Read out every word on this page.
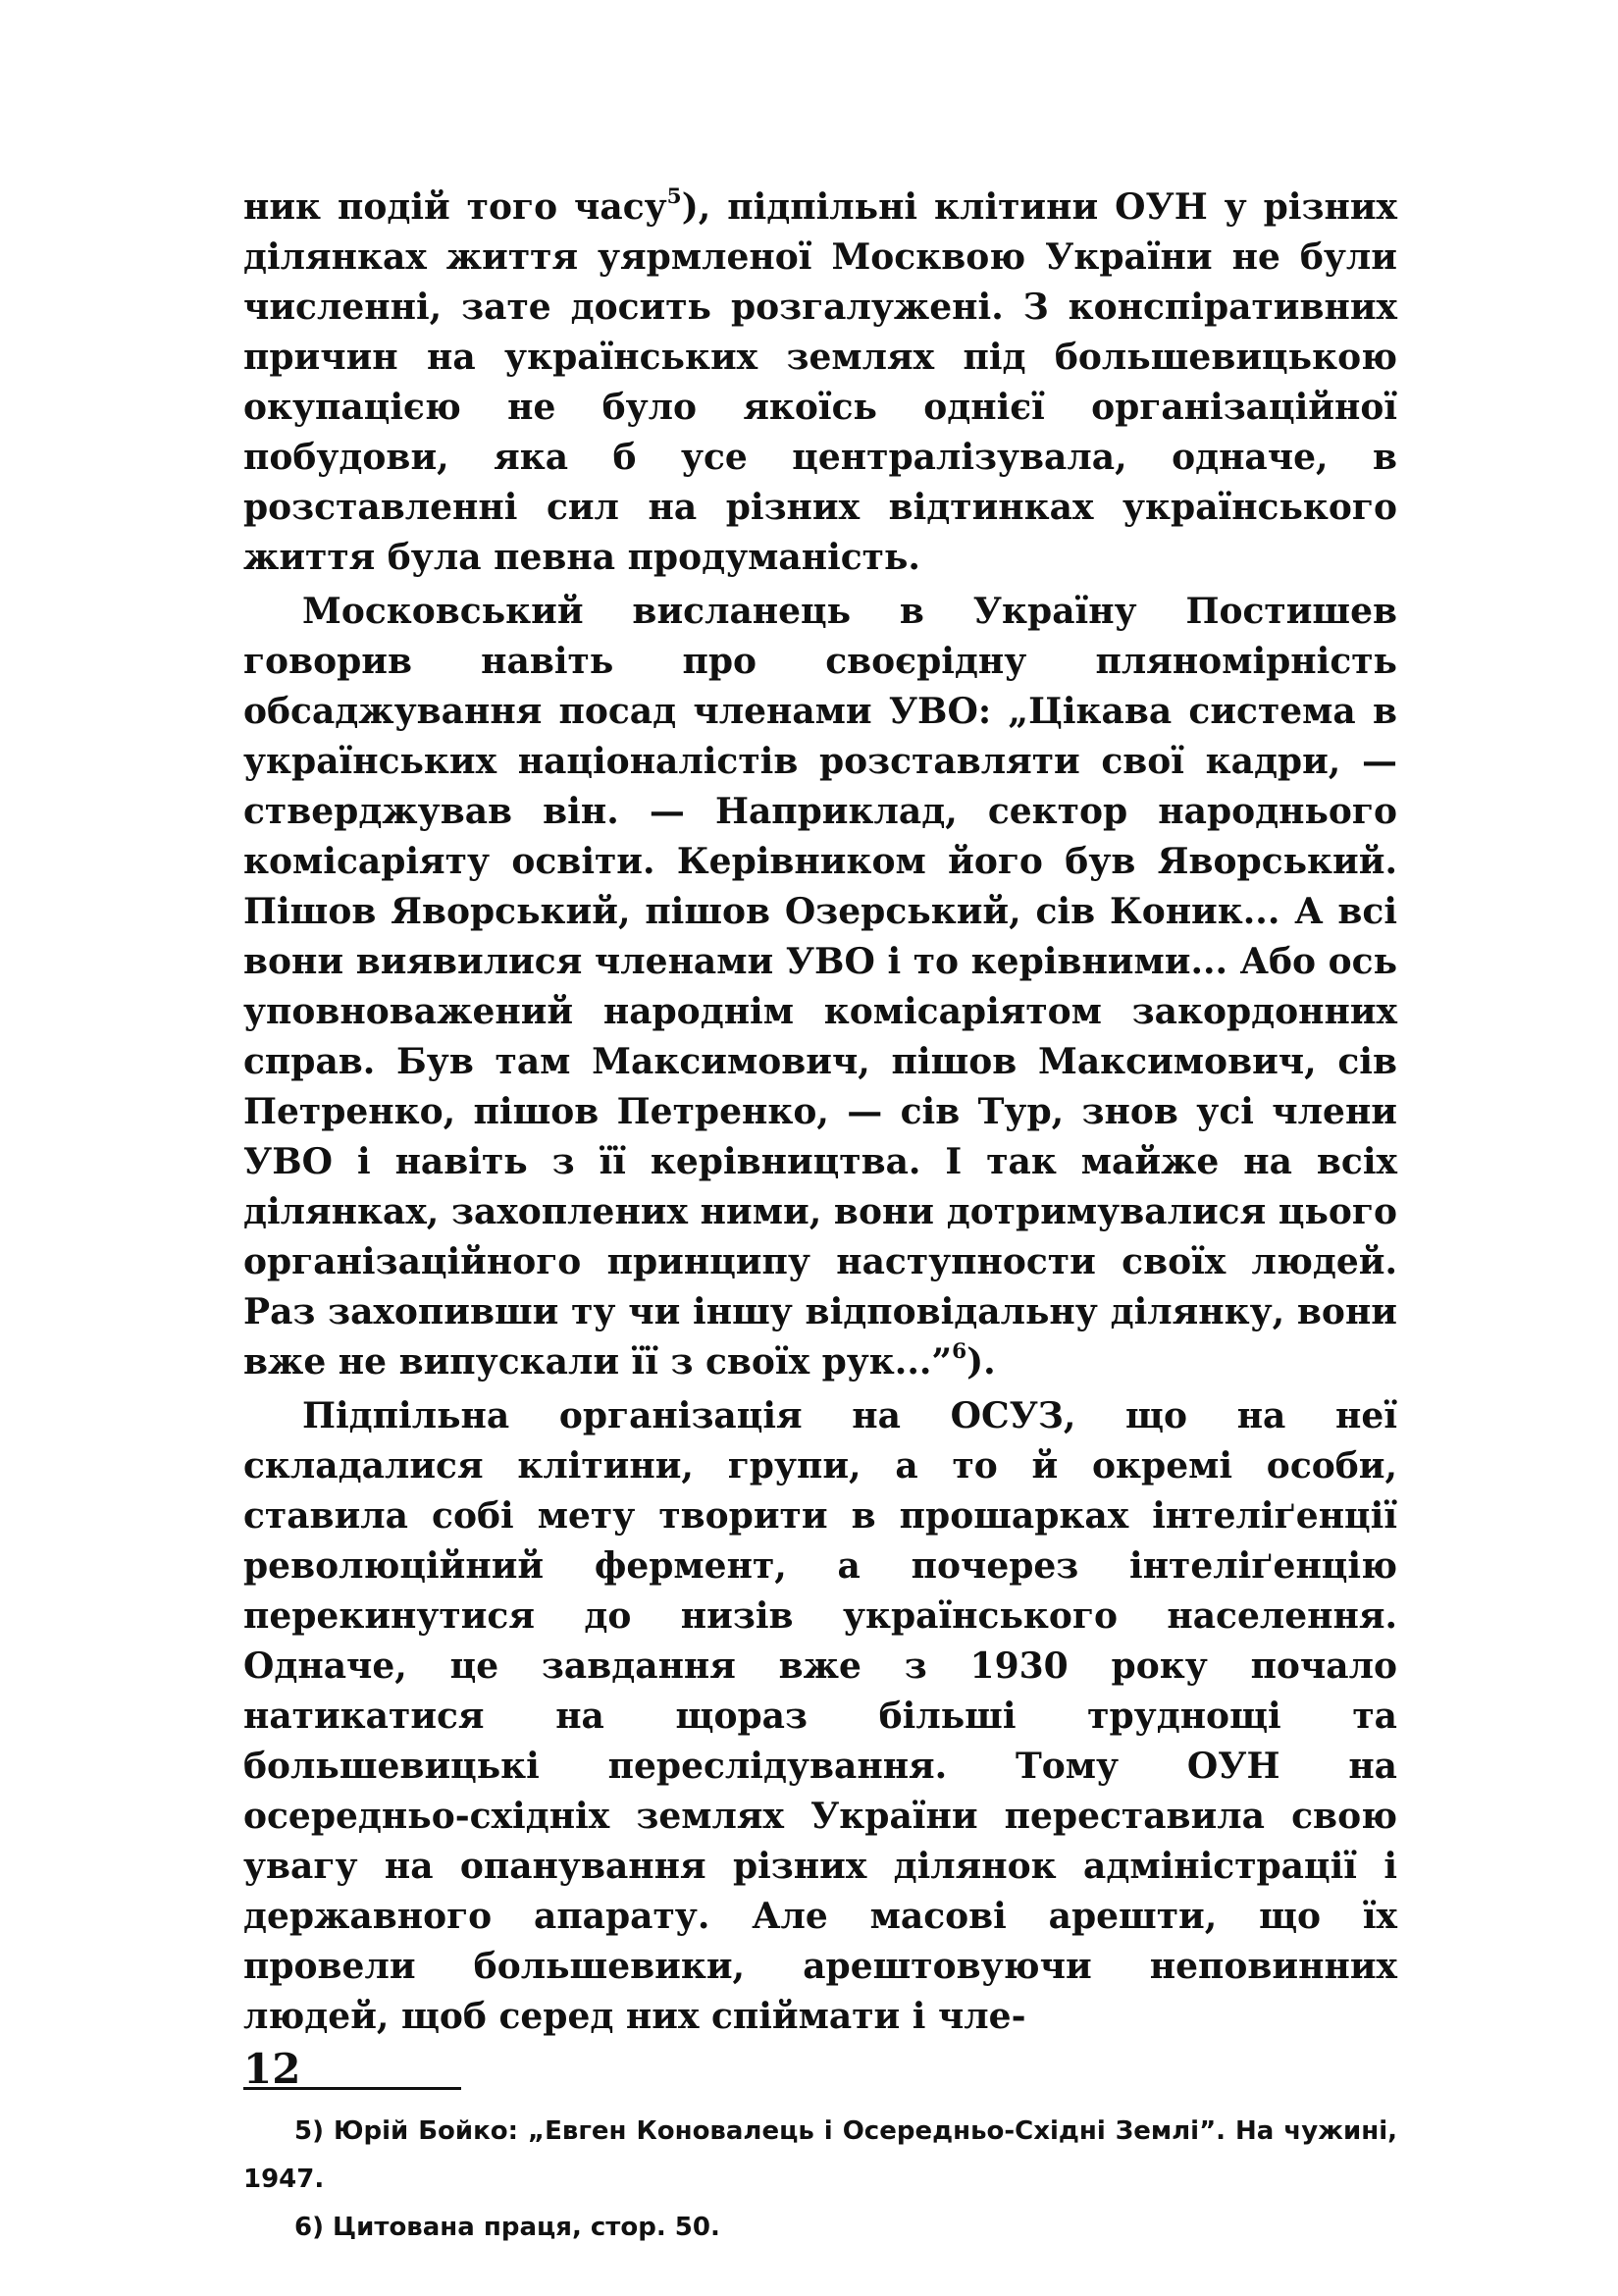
ник подій того часу$^5$), підпільні клітини ОУН у різних ділянках життя уярмленої Москвою України не були численні, зате досить розгалужені. З конспіративних причин на українських землях під большевицькою окупацією не було якоїсь однієї організаційної побудови, яка б усе централізувала, одначе, в розставленні сил на різних відтинках українського життя була певна продуманість.

Московський висланець в Україну Постишев говорив навіть про своєрідну пляномірність обсаджування посад членами УВО: „Цікава система в українських націоналістів розставляти свої кадри, — стверджував він. — Наприклад, сектор народнього комісаріяту освіти. Керівником його був Яворський. Пішов Яворський, пішов Озерський, сів Коник... А всі вони виявилися членами УВО і то керівними... Або ось уповноважений народнім комісаріятом закордонних справ. Був там Максимович, пішов Максимович, сів Петренко, пішов Петренко, — сів Тур, знов усі члени УВО і навіть з її керівництва. І так майже на всіх ділянках, захоплених ними, вони дотримувалися цього організаційного принципу наступности своїх людей. Раз захопивши ту чи іншу відповідальну ділянку, вони вже не випускали її з своїх рук...”$^6$).

Підпільна організація на ОСУЗ, що на неї складалися клітини, групи, а то й окремі особи, ставила собі мету творити в прошарках інтеліґенції революційний фермент, а почерез інтеліґенцію перекинутися до низів українського населення. Одначе, це завдання вже з 1930 року почало натикатися на щораз більші труднощі та большевицькі переслідування. Тому ОУН на осередньо-східніх землях України переставила свою увагу на опанування різних ділянок адміністрації і державного апарату. Але масові арешти, що їх провели большевики, арештовуючи неповинних людей, щоб серед них спіймати і чле-

5) Юрій Бойко: „Евген Коновалець і Осередньо-Східні Землі”. На чужині, 1947.

6) Цитована праця, стор. 50.

12
